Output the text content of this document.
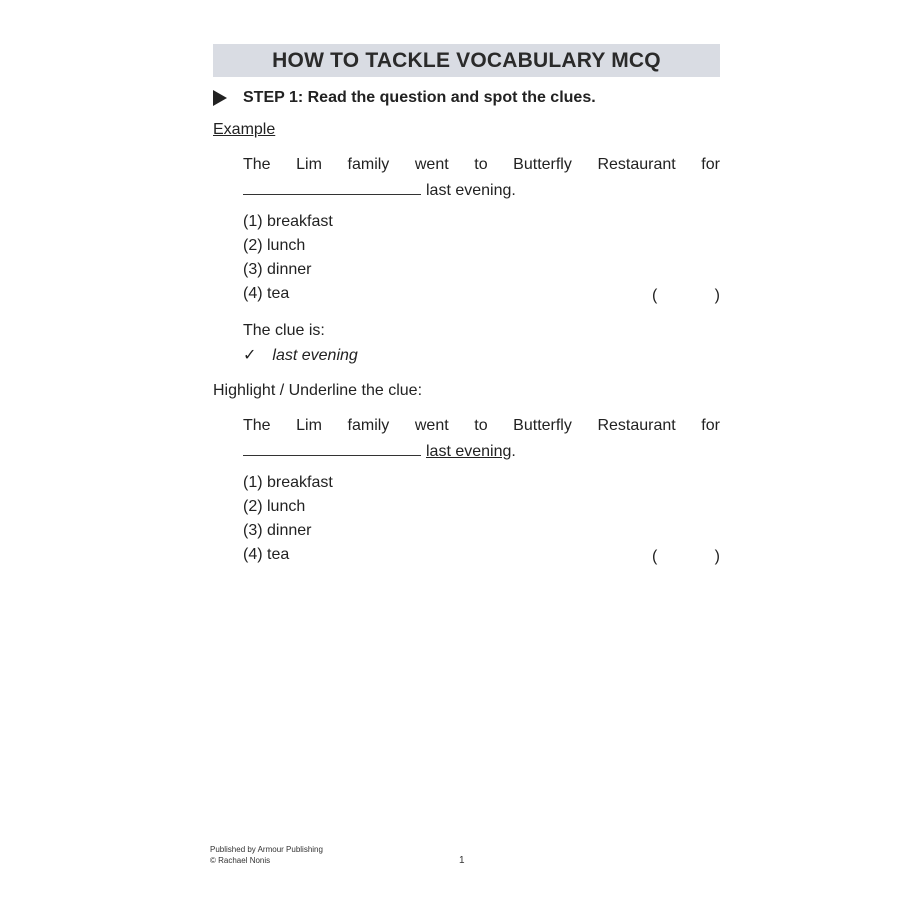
HOW TO TACKLE VOCABULARY MCQ
STEP 1:
Read the question and spot the clues.
Example
The Lim family went to Butterfly Restaurant for
last evening .
(1) breakfast
(2) lunch
(3) dinner
(4) tea	(	)
The clue is:
✓ last evening
Highlight / Underline the clue:
The Lim family went to Butterfly Restaurant for
last evening .
(1) breakfast
(2) lunch
(3) dinner
(4) tea	(	)
Published by Armour Publishing
© Rachael Nonis	1
